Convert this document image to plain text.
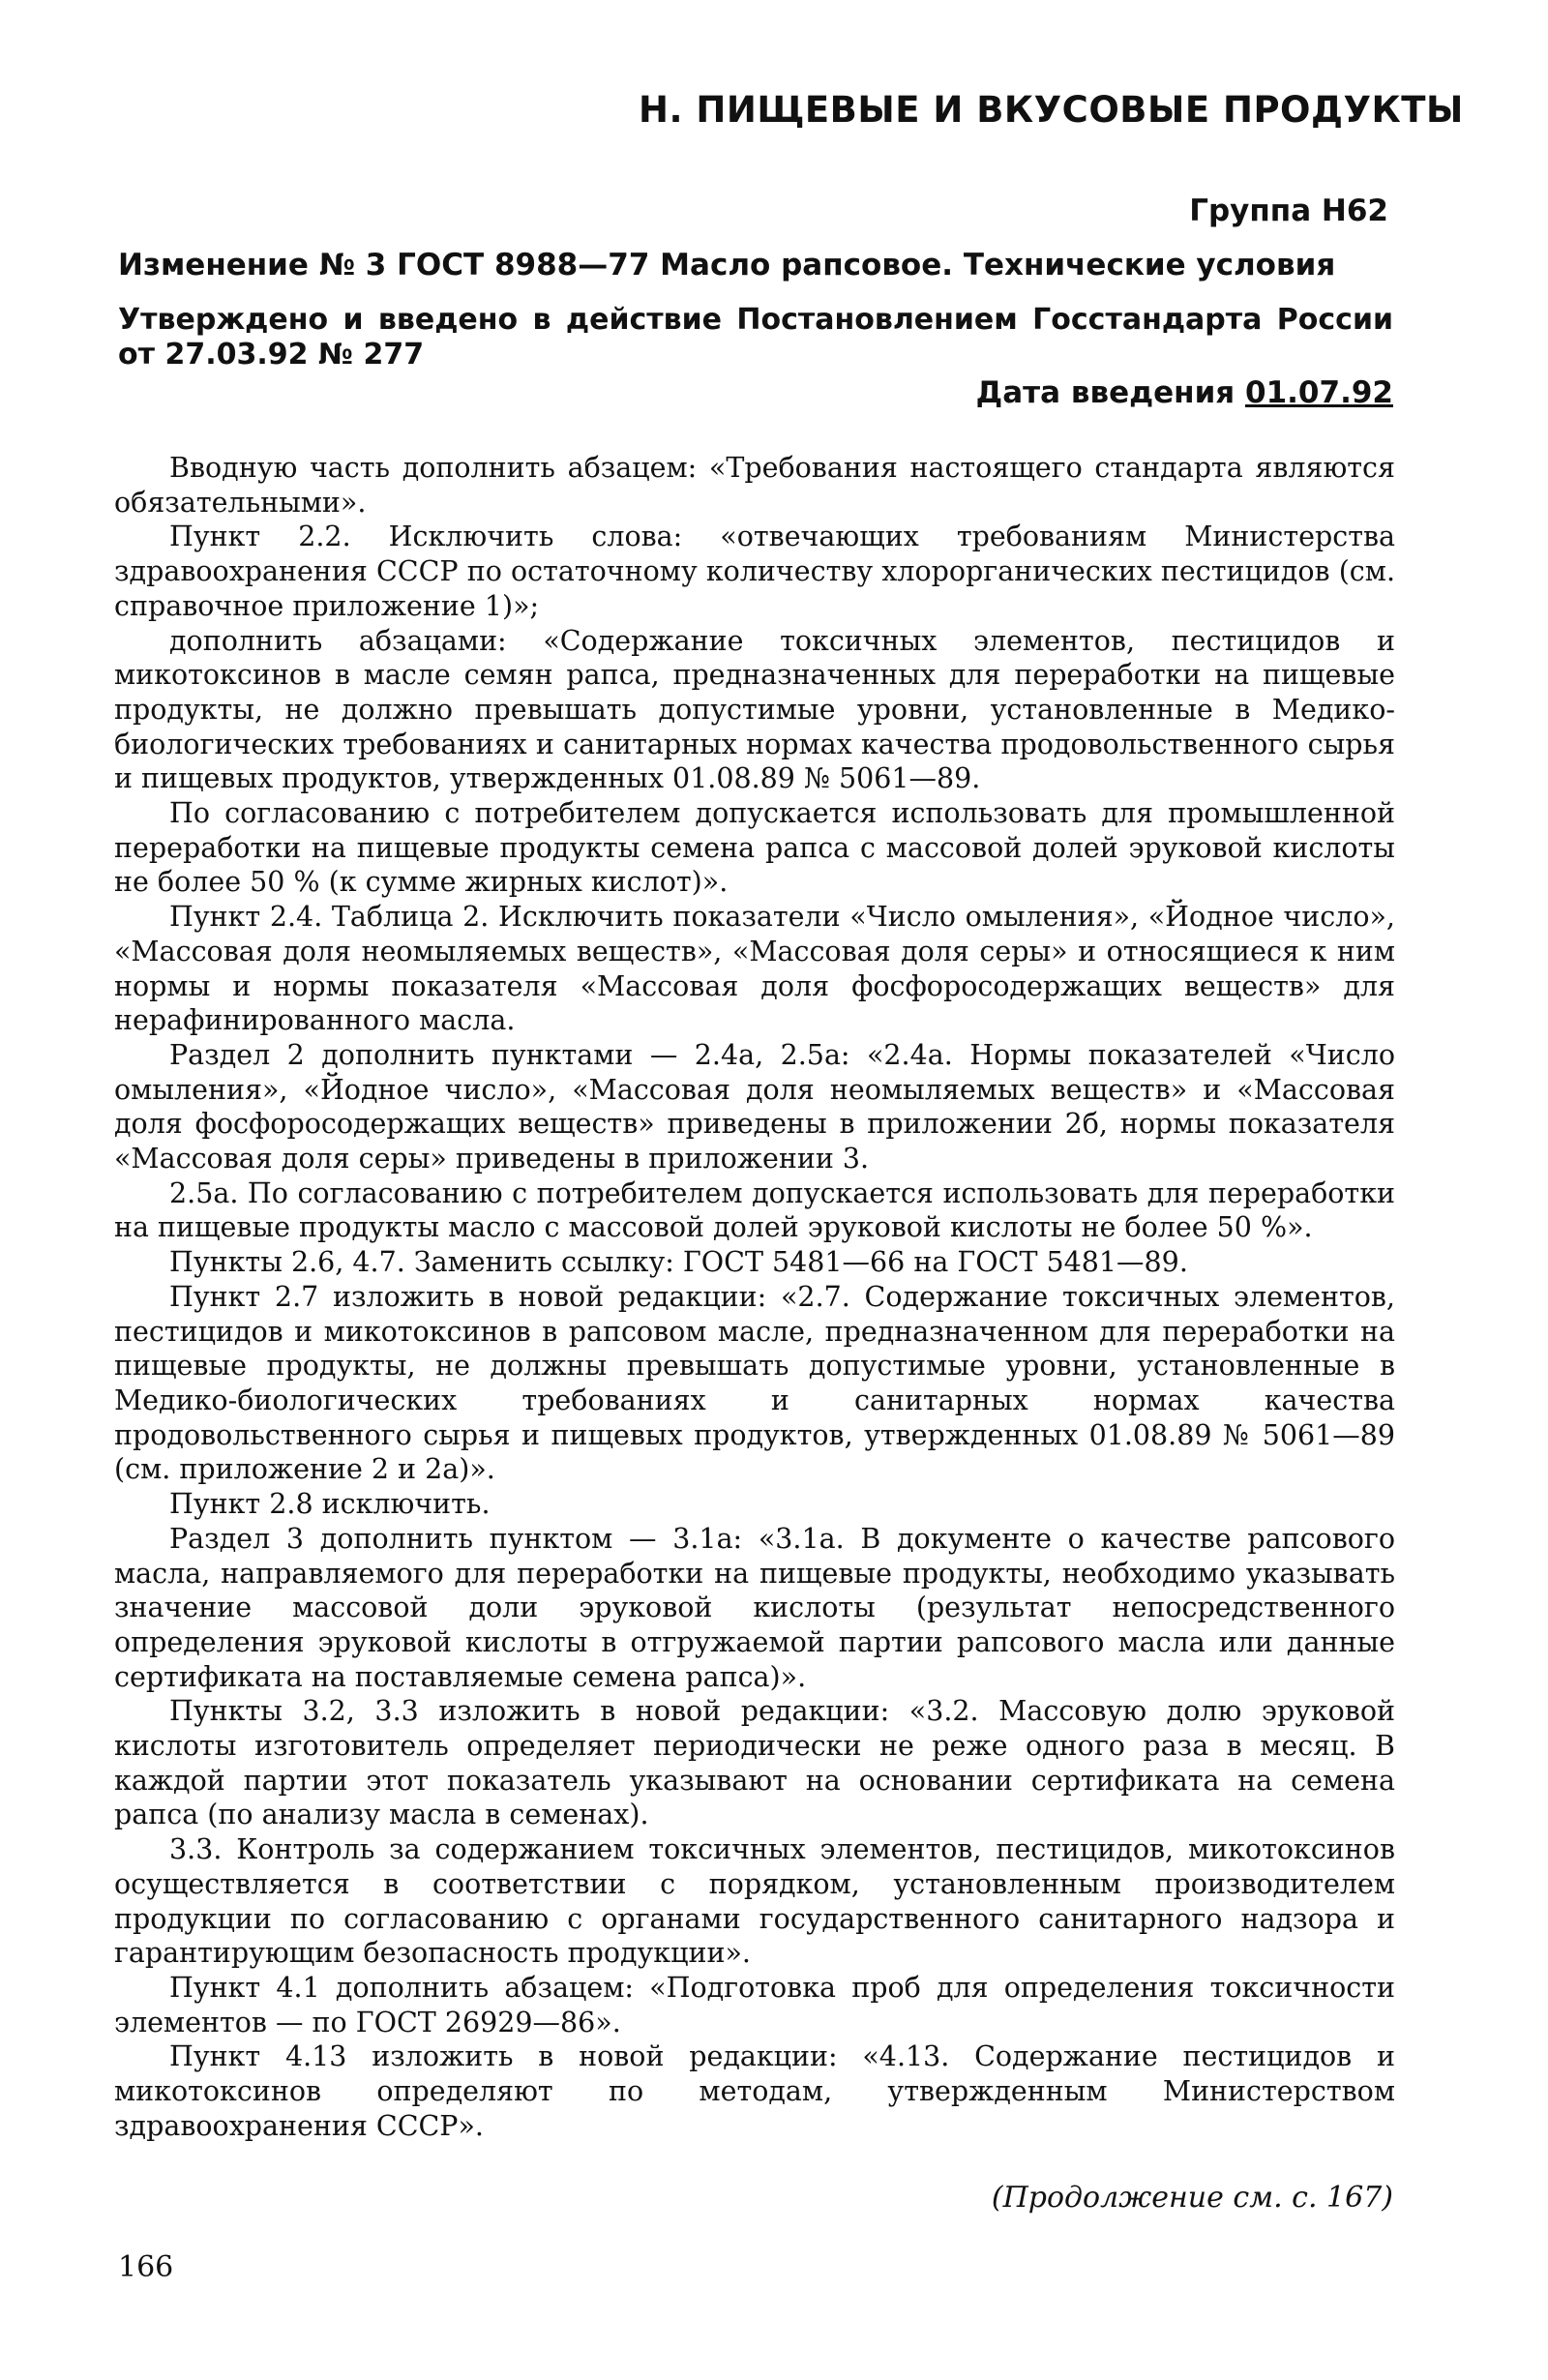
Н. ПИЩЕВЫЕ И ВКУСОВЫЕ ПРОДУКТЫ
Группа Н62
Изменение № 3 ГОСТ 8988—77 Масло рапсовое. Технические условия
Утверждено и введено в действие Постановлением Госстандарта России от 27.03.92 № 277
Дата введения 01.07.92

Вводную часть дополнить абзацем: «Требования настоящего стандарта являются обязательными».

Пункт 2.2. Исключить слова: «отвечающих требованиям Министерства здравоохранения СССР по остаточному количеству хлорорганических пестицидов (см. справочное приложение 1)»;

дополнить абзацами: «Содержание токсичных элементов, пестицидов и микотоксинов в масле семян рапса, предназначенных для переработки на пищевые продукты, не должно превышать допустимые уровни, установленные в Медико-биологических требованиях и санитарных нормах качества продовольственного сырья и пищевых продуктов, утвержденных 01.08.89 № 5061—89.

По согласованию с потребителем допускается использовать для промышленной переработки на пищевые продукты семена рапса с массовой долей эруковой кислоты не более 50 % (к сумме жирных кислот)».

Пункт 2.4. Таблица 2. Исключить показатели «Число омыления», «Йодное число», «Массовая доля неомыляемых веществ», «Массовая доля серы» и относящиеся к ним нормы и нормы показателя «Массовая доля фосфоросодержащих веществ» для нерафинированного масла.

Раздел 2 дополнить пунктами — 2.4а, 2.5а: «2.4а. Нормы показателей «Число омыления», «Йодное число», «Массовая доля неомыляемых веществ» и «Массовая доля фосфоросодержащих веществ» приведены в приложении 2б, нормы показателя «Массовая доля серы» приведены в приложении 3.

2.5а. По согласованию с потребителем допускается использовать для переработки на пищевые продукты масло с массовой долей эруковой кислоты не более 50 %».

Пункты 2.6, 4.7. Заменить ссылку: ГОСТ 5481—66 на ГОСТ 5481—89.

Пункт 2.7 изложить в новой редакции: «2.7. Содержание токсичных элементов, пестицидов и микотоксинов в рапсовом масле, предназначенном для переработки на пищевые продукты, не должны превышать допустимые уровни, установленные в Медико-биологических требованиях и санитарных нормах качества продовольственного сырья и пищевых продуктов, утвержденных 01.08.89 № 5061—89 (см. приложение 2 и 2а)».

Пункт 2.8 исключить.

Раздел 3 дополнить пунктом — 3.1а: «3.1а. В документе о качестве рапсового масла, направляемого для переработки на пищевые продукты, необходимо указывать значение массовой доли эруковой кислоты (результат непосредственного определения эруковой кислоты в отгружаемой партии рапсового масла или данные сертификата на поставляемые семена рапса)».

Пункты 3.2, 3.3 изложить в новой редакции: «3.2. Массовую долю эруковой кислоты изготовитель определяет периодически не реже одного раза в месяц. В каждой партии этот показатель указывают на основании сертификата на семена рапса (по анализу масла в семенах).

3.3. Контроль за содержанием токсичных элементов, пестицидов, микотоксинов осуществляется в соответствии с порядком, установленным производителем продукции по согласованию с органами государственного санитарного надзора и гарантирующим безопасность продукции».

Пункт 4.1 дополнить абзацем: «Подготовка проб для определения токсичности элементов — по ГОСТ 26929—86».

Пункт 4.13 изложить в новой редакции: «4.13. Содержание пестицидов и микотоксинов определяют по методам, утвержденным Министерством здравоохранения СССР».

(Продолжение см. с. 167)
166
